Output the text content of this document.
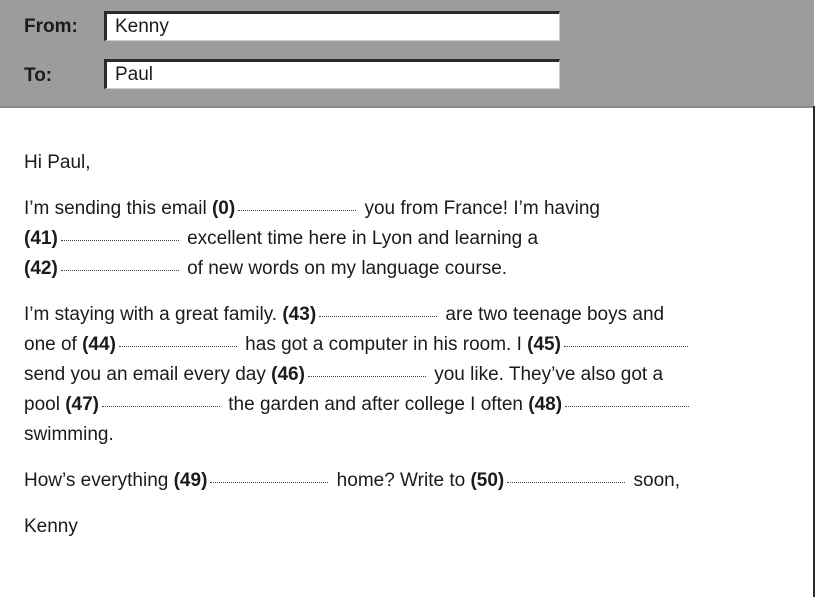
From:	Kenny
To:	Paul

Hi Paul,

I’m sending this email (0)	you from France! I’m having
(41)	excellent time here in Lyon and learning a
(42)	of new words on my language course.

I’m staying with a great family. (43)	are two teenage boys and
one of (44)	has got a computer in his room. I (45)
send you an email every day (46)	you like. They’ve also got a
pool (47)	the garden and after college I often (48)
swimming.

How’s everything (49)	home? Write to (50)	soon,

Kenny
